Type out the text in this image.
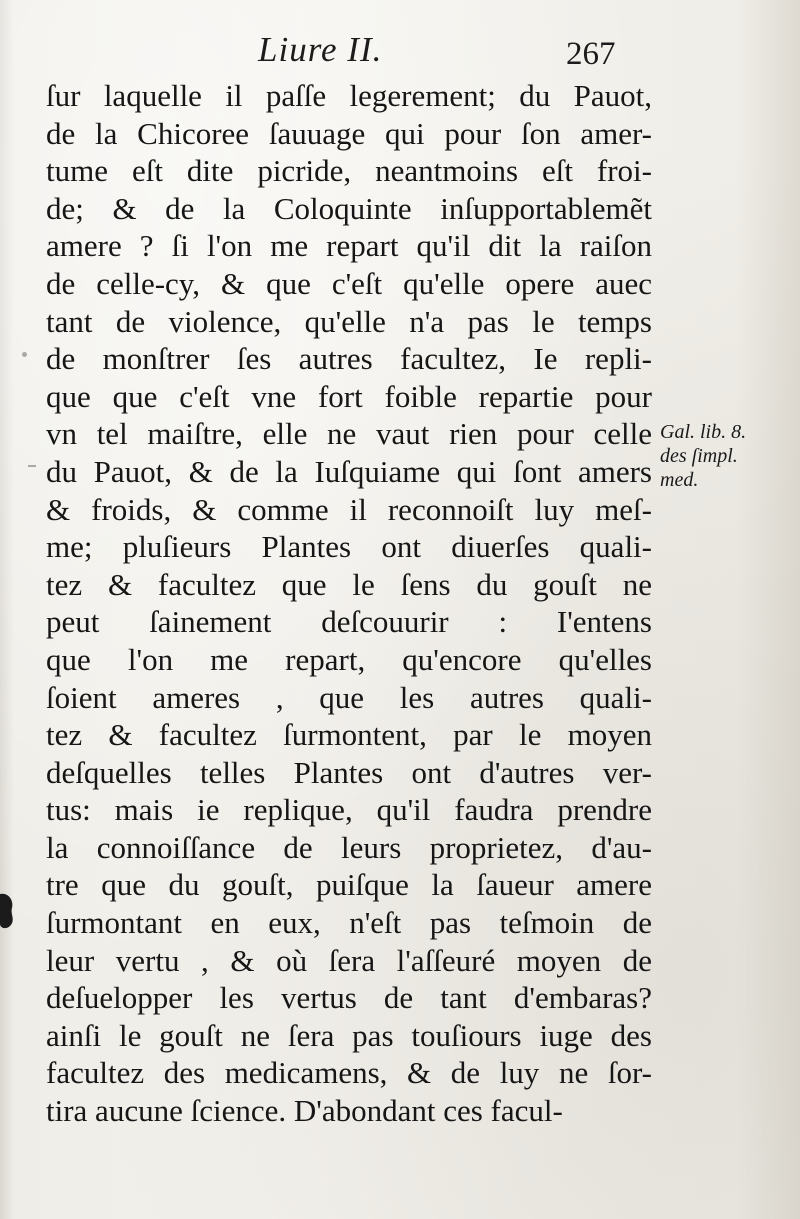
Liure II.	267
ſur laquelle il paſſe legerement; du Pauot,
de la Chicoree ſauuage qui pour ſon amer-
tume eſt dite picride, neantmoins eſt froi-
de; & de la Coloquinte inſupportablemẽt
amere ? ſi l'on me repart qu'il dit la raiſon
de celle-cy, & que c'eſt qu'elle opere auec
tant de violence, qu'elle n'a pas le temps
de monſtrer ſes autres facultez, Ie repli-
que que c'eſt vne fort foible repartie pour
vn tel maiſtre, elle ne vaut rien pour celle
du Pauot, & de la Iuſquiame qui ſont amers
& froids, & comme il reconnoiſt luy meſ-
me; pluſieurs Plantes ont diuerſes quali-
tez & facultez que le ſens du gouſt ne
peut ſainement deſcouurir : I'entens
que l'on me repart, qu'encore qu'elles
ſoient ameres , que les autres quali-
tez & facultez ſurmontent, par le moyen
deſquelles telles Plantes ont d'autres ver-
tus: mais ie replique, qu'il faudra prendre
la connoiſſance de leurs proprietez, d'au-
tre que du gouſt, puiſque la ſaueur amere
ſurmontant en eux, n'eſt pas teſmoin de
leur vertu , & où ſera l'aſſeuré moyen de
deſuelopper les vertus de tant d'embaras?
ainſi le gouſt ne ſera pas touſiours iuge des
facultez des medicamens, & de luy ne ſor-
tira aucune ſcience. D'abondant ces facul-
Gal. lib. 8.
des ſimpl.
med.
